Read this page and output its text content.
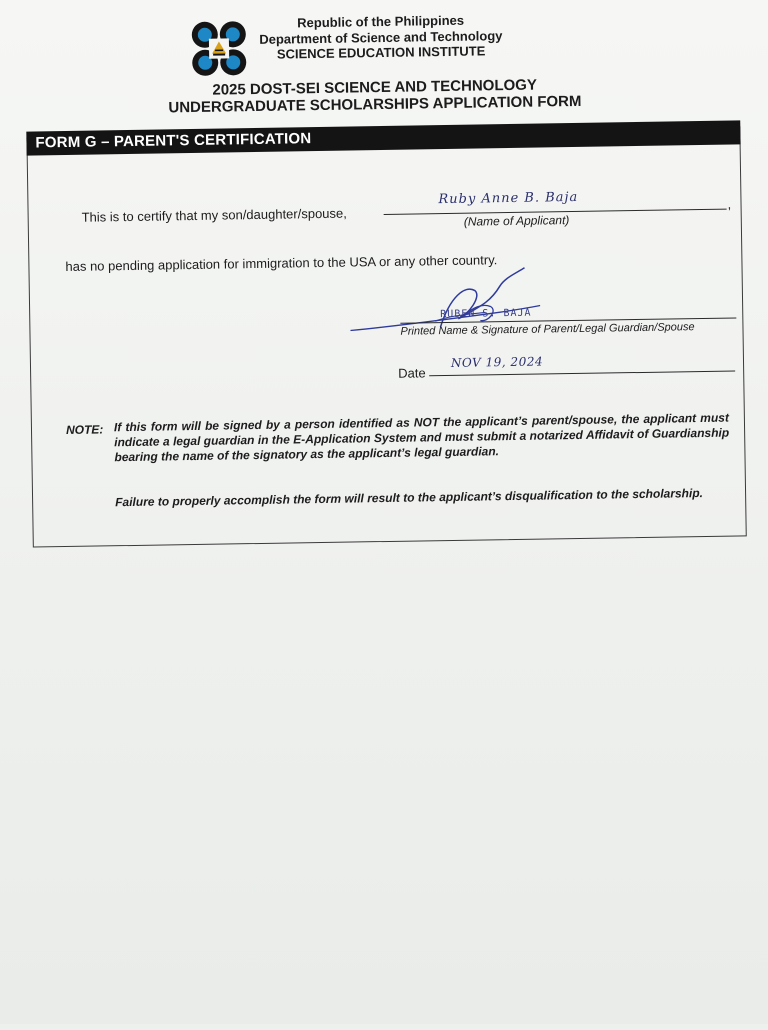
Republic of the Philippines
Department of Science and Technology
SCIENCE EDUCATION INSTITUTE
2025 DOST-SEI SCIENCE AND TECHNOLOGY
UNDERGRADUATE SCHOLARSHIPS APPLICATION FORM
FORM G – PARENT'S CERTIFICATION
This is to certify that my son/daughter/spouse,
Ruby Anne B. Baja	,
(Name of Applicant)
has no pending application for immigration to the USA or any other country.
RUBEN S. BAJA
Printed Name & Signature of Parent/Legal Guardian/Spouse
Date
NOV 19, 2024
NOTE: If this form will be signed by a person identified as NOT the applicant’s parent/spouse, the applicant must indicate a legal guardian in the E-Application System and must submit a notarized Affidavit of Guardianship bearing the name of the signatory as the applicant’s legal guardian.
Failure to properly accomplish the form will result to the applicant’s disqualification to the scholarship.
